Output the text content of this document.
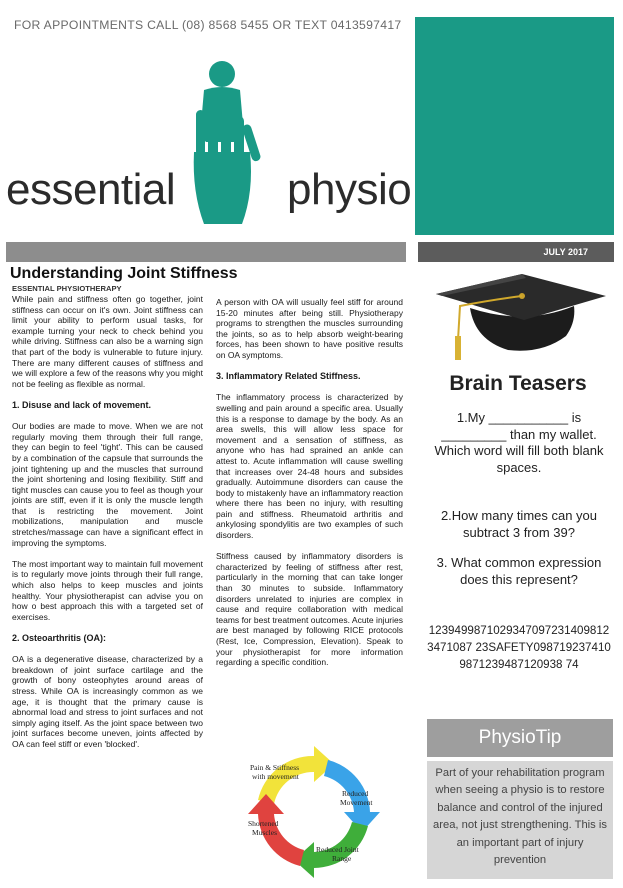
FOR APPOINTMENTS CALL (08) 8568 5455 OR TEXT 0413597417
essential	physio
JULY 2017
Understanding Joint Stiffness
ESSENTIAL PHYSIOTHERAPY

While pain and stiffness often go together, joint stiffness can occur on it's own. Joint stiffness can limit your ability to perform usual tasks, for example turning your neck to check behind you while driving. Stiffness can also be a warning sign that part of the body is vulnerable to future injury. There are many different causes of stiffness and we will explore a few of the reasons why you might not be feeling as flexible as normal.

1. Disuse and lack of movement.

Our bodies are made to move. When we are not regularly moving them through their full range, they can begin to feel 'tight'. This can be caused by a combination of the capsule that surrounds the joint tightening up and the muscles that surround the joint shortening and losing flexibility. Stiff and tight muscles can cause you to feel as though your joints are stiff, even if it is only the muscle length that is restricting the movement. Joint mobilizations, manipulation and muscle stretches/massage can have a significant effect in improving the symptoms.

The most important way to maintain full movement is to regularly move joints through their full range, which also helps to keep muscles and joints healthy. Your physiotherapist can advise you on how o best approach this with a targeted set of exercises.

2. Osteoarthritis (OA):

OA is a degenerative disease, characterized by a breakdown of joint surface cartilage and the growth of bony osteophytes around areas of stress. While OA is increasingly common as we age, it is thought that the primary cause is abnormal load and stress to joint surfaces and not simply aging itself. As the joint space between two joint surfaces become uneven, joints affected by OA can feel stiff or even 'blocked'.

A person with OA will usually feel stiff for around 15-20 minutes after being still. Physiotherapy programs to strengthen the muscles surrounding the joints, so as to help absorb weight-bearing forces, has been shown to have positive results on OA symptoms.

3. Inflammatory Related Stiffness.

The inflammatory process is characterized by swelling and pain around a specific area. Usually this is a response to damage by the body. As an area swells, this will allow less space for movement and a sensation of stiffness, as anyone who has had sprained an ankle can attest to. Acute inflammation will cause swelling that increases over 24-48 hours and subsides gradually. Autoimmune disorders can cause the body to mistakenly have an inflammatory reaction where there has been no injury, with resulting pain and stiffness. Rheumatoid arthritis and ankylosing spondylitis are two examples of such disorders.

Stiffness caused by inflammatory disorders is characterized by feeling of stiffness after rest, particularly in the morning that can take longer than 30 minutes to subside. Inflammatory disorders unrelated to injuries are complex in cause and require collaboration with medical teams for best treatment outcomes. Acute injuries are best managed by following RICE protocols (Rest, Ice, Compression, Elevation). Speak to your physiotherapist for more information regarding a specific condition.

Pain & Stiffness
with movement
Reduced
Movement
Reduced Joint
Range
Shortened
Muscles
Brain Teasers
1.My ___________ is _________ than my wallet. Which word will fill both blank spaces.
2.How many times can you subtract 3 from 39?
3. What common expression does this represent?
12394998710293470972314098123471087 23SAFETY0987192374109871239487120938 74
PhysioTip
Part of your rehabilitation program when seeing a physio is to restore balance and control of the injured area, not just strengthening. This is an important part of injury prevention
